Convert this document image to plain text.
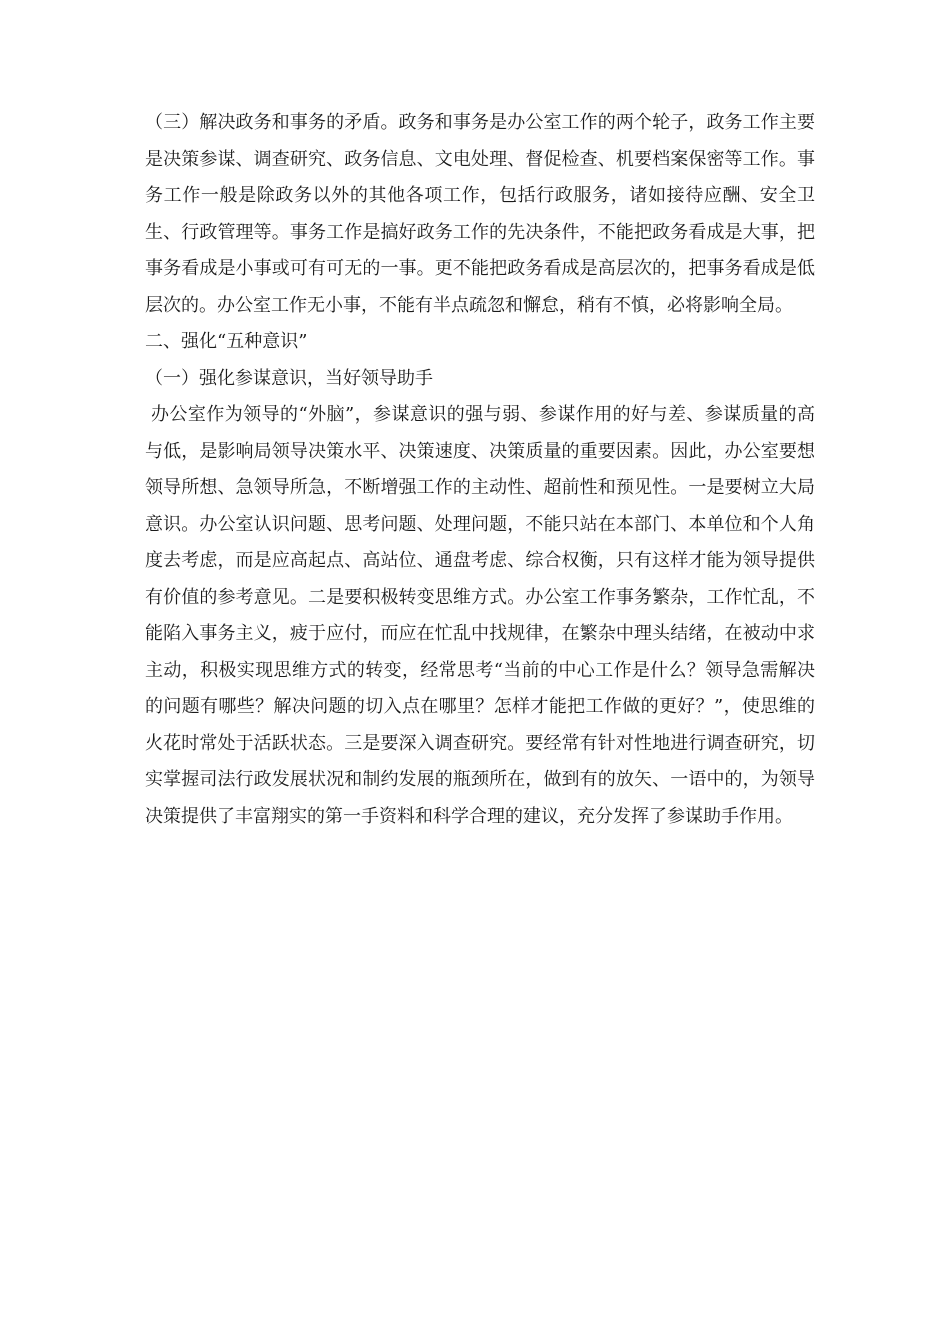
（三）解决政务和事务的矛盾。政务和事务是办公室工作的两个轮子，政务工作主要是决策参谋、调查研究、政务信息、文电处理、督促检查、机要档案保密等工作。事务工作一般是除政务以外的其他各项工作，包括行政服务，诸如接待应酬、安全卫生、行政管理等。事务工作是搞好政务工作的先决条件，不能把政务看成是大事，把事务看成是小事或可有可无的一事。更不能把政务看成是高层次的，把事务看成是低层次的。办公室工作无小事，不能有半点疏忽和懈怠，稍有不慎，必将影响全局。

二、强化“五种意识”

（一）强化参谋意识，当好领导助手

办公室作为领导的“外脑”，参谋意识的强与弱、参谋作用的好与差、参谋质量的高与低，是影响局领导决策水平、决策速度、决策质量的重要因素。因此，办公室要想领导所想、急领导所急，不断增强工作的主动性、超前性和预见性。一是要树立大局意识。办公室认识问题、思考问题、处理问题，不能只站在本部门、本单位和个人角度去考虑，而是应高起点、高站位、通盘考虑、综合权衡，只有这样才能为领导提供有价值的参考意见。二是要积极转变思维方式。办公室工作事务繁杂，工作忙乱，不能陷入事务主义，疲于应付，而应在忙乱中找规律，在繁杂中理头结绪，在被动中求主动，积极实现思维方式的转变，经常思考“当前的中心工作是什么？领导急需解决的问题有哪些？解决问题的切入点在哪里？怎样才能把工作做的更好？”，使思维的火花时常处于活跃状态。三是要深入调查研究。要经常有针对性地进行调查研究，切实掌握司法行政发展状况和制约发展的瓶颈所在，做到有的放矢、一语中的，为领导决策提供了丰富翔实的第一手资料和科学合理的建议，充分发挥了参谋助手作用。
